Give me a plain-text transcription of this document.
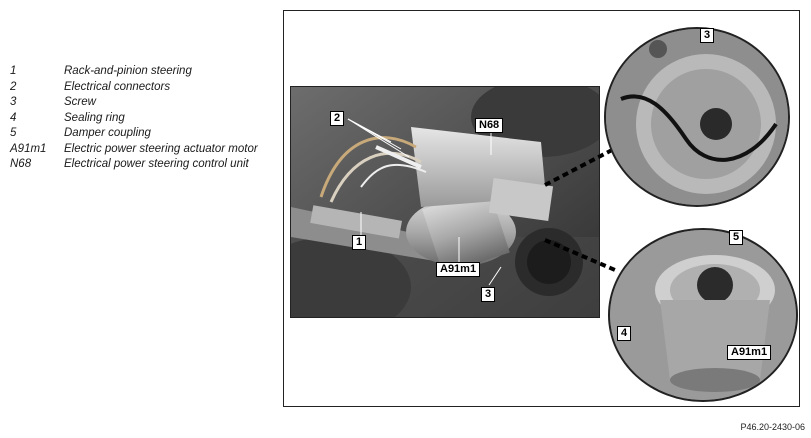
1	Rack-and-pinion steering
2	Electrical connectors
3	Screw
4	Sealing ring
5	Damper coupling
A91m1	Electric power steering actuator motor
N68	Electrical power steering control unit
2
N68
1
A91m1
3
3
5
4
A91m1
P46.20-2430-06
